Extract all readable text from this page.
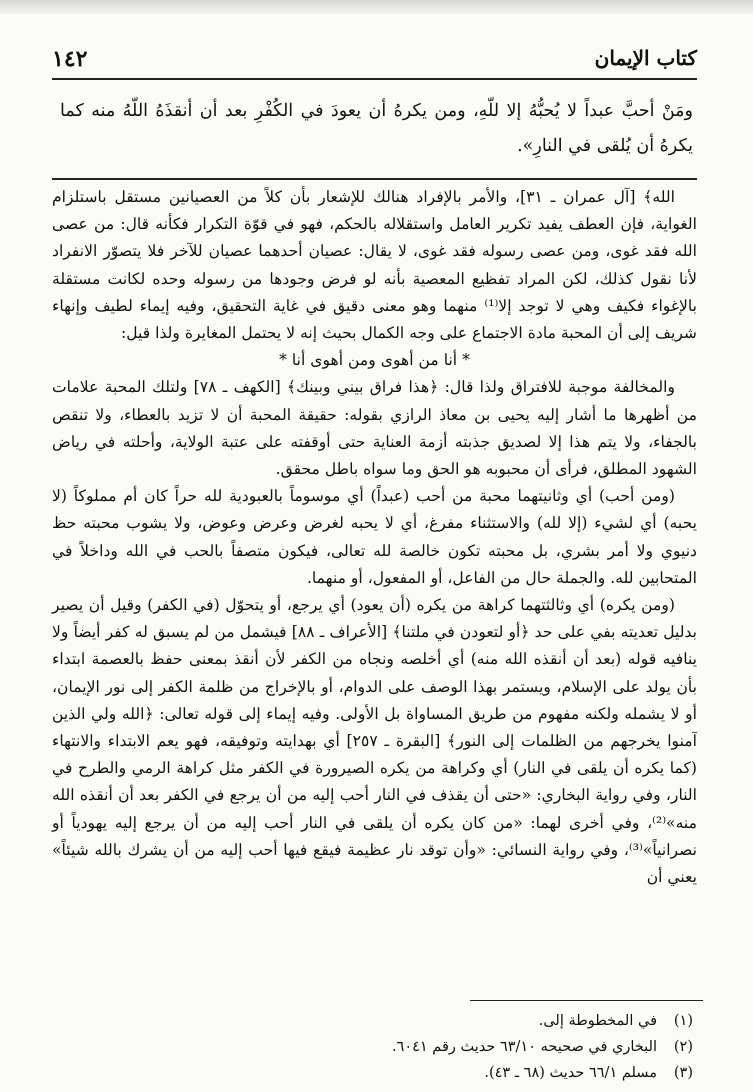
كتاب الإيمان
١٤٢
ومَنْ أحبَّ عبداً لا يُحبُّهُ إلا للّهِ، ومن يكرهُ أن يعودَ في الكُفْرِ بعد أن أنقذَهُ اللّهُ منه كما يكرهُ أن يُلقى في النارِ».

الله﴾ [آل عمران ـ ٣١]، والأمر بالإفراد هنالك للإشعار بأن كلاً من العصيانين مستقل باستلزام الغواية، فإن العطف يفيد تكرير العامل واستقلاله بالحكم، فهو في قوّة التكرار فكأنه قال: من عصى الله فقد غوى، ومن عصى رسوله فقد غوى، لا يقال: عصيان أحدهما عصيان للآخر فلا يتصوّر الانفراد لأنا نقول كذلك، لكن المراد تفظيع المعصية بأنه لو فرض وجودها من رسوله وحده لكانت مستقلة بالإغواء فكيف وهي لا توجد إلا⁽¹⁾ منهما وهو معنى دقيق في غاية التحقيق، وفيه إيماء لطيف وإنهاء شريف إلى أن المحبة مادة الاجتماع على وجه الكمال بحيث إنه لا يحتمل المغايرة ولذا قيل:

* أنا من أهوى ومن أهوى أنا *

والمخالفة موجبة للافتراق ولذا قال: ﴿هذا فراق بيني وبينك﴾ [الكهف ـ ٧٨] ولتلك المحبة علامات من أظهرها ما أشار إليه يحيى بن معاذ الرازي بقوله: حقيقة المحبة أن لا تزيد بالعطاء، ولا تنقص بالجفاء، ولا يتم هذا إلا لصديق جذبته أزمة العناية حتى أوقفته على عتبة الولاية، وأحلته في رياض الشهود المطلق، فرأى أن محبوبه هو الحق وما سواه باطل محقق.

(ومن أحب) أي وثانيتهما محبة من أحب (عبداً) أي موسوماً بالعبودية لله حراً كان أم مملوكاً (لا يحبه) أي لشيء (إلا لله) والاستثناء مفرغ، أي لا يحبه لغرض وعرض وعوض، ولا يشوب محبته حظ دنيوي ولا أمر بشري، بل محبته تكون خالصة لله تعالى، فيكون متصفاً بالحب في الله وداخلاً في المتحابين لله. والجملة حال من الفاعل، أو المفعول، أو منهما.

(ومن يكره) أي وثالثتهما كراهة من يكره (أن يعود) أي يرجع، أو يتحوّل (في الكفر) وقيل أن يصير بدليل تعديته بفي على حد ﴿أو لتعودن في ملتنا﴾ [الأعراف ـ ٨٨] فيشمل من لم يسبق له كفر أيضاً ولا ينافيه قوله (بعد أن أنقذه الله منه) أي أخلصه ونجاه من الكفر لأن أنقذ بمعنى حفظ بالعصمة ابتداء بأن يولد على الإسلام، ويستمر بهذا الوصف على الدوام، أو بالإخراج من ظلمة الكفر إلى نور الإيمان، أو لا يشمله ولكنه مفهوم من طريق المساواة بل الأولى. وفيه إيماء إلى قوله تعالى: ﴿الله ولي الذين آمنوا يخرجهم من الظلمات إلى النور﴾ [البقرة ـ ٢٥٧] أي بهدايته وتوفيقه، فهو يعم الابتداء والانتهاء (كما يكره أن يلقى في النار) أي وكراهة من يكره الصيرورة في الكفر مثل كراهة الرمي والطرح في النار، وفي رواية البخاري: «حتى أن يقذف في النار أحب إليه من أن يرجع في الكفر بعد أن أنقذه الله منه»⁽²⁾، وفي أخرى لهما: «من كان يكره أن يلقى في النار أحب إليه من أن يرجع إليه يهودياً أو نصرانياً»⁽³⁾، وفي رواية النسائي: «وأن توقد نار عظيمة فيقع فيها أحب إليه من أن يشرك بالله شيئاً» يعني أن

(١)في المخطوطة إلى.
(٢)البخاري في صحيحه ٦٣/١٠ حديث رقم ٦٠٤١.
(٣)مسلم ٦٦/١ حديث (٦٨ ـ ٤٣).
